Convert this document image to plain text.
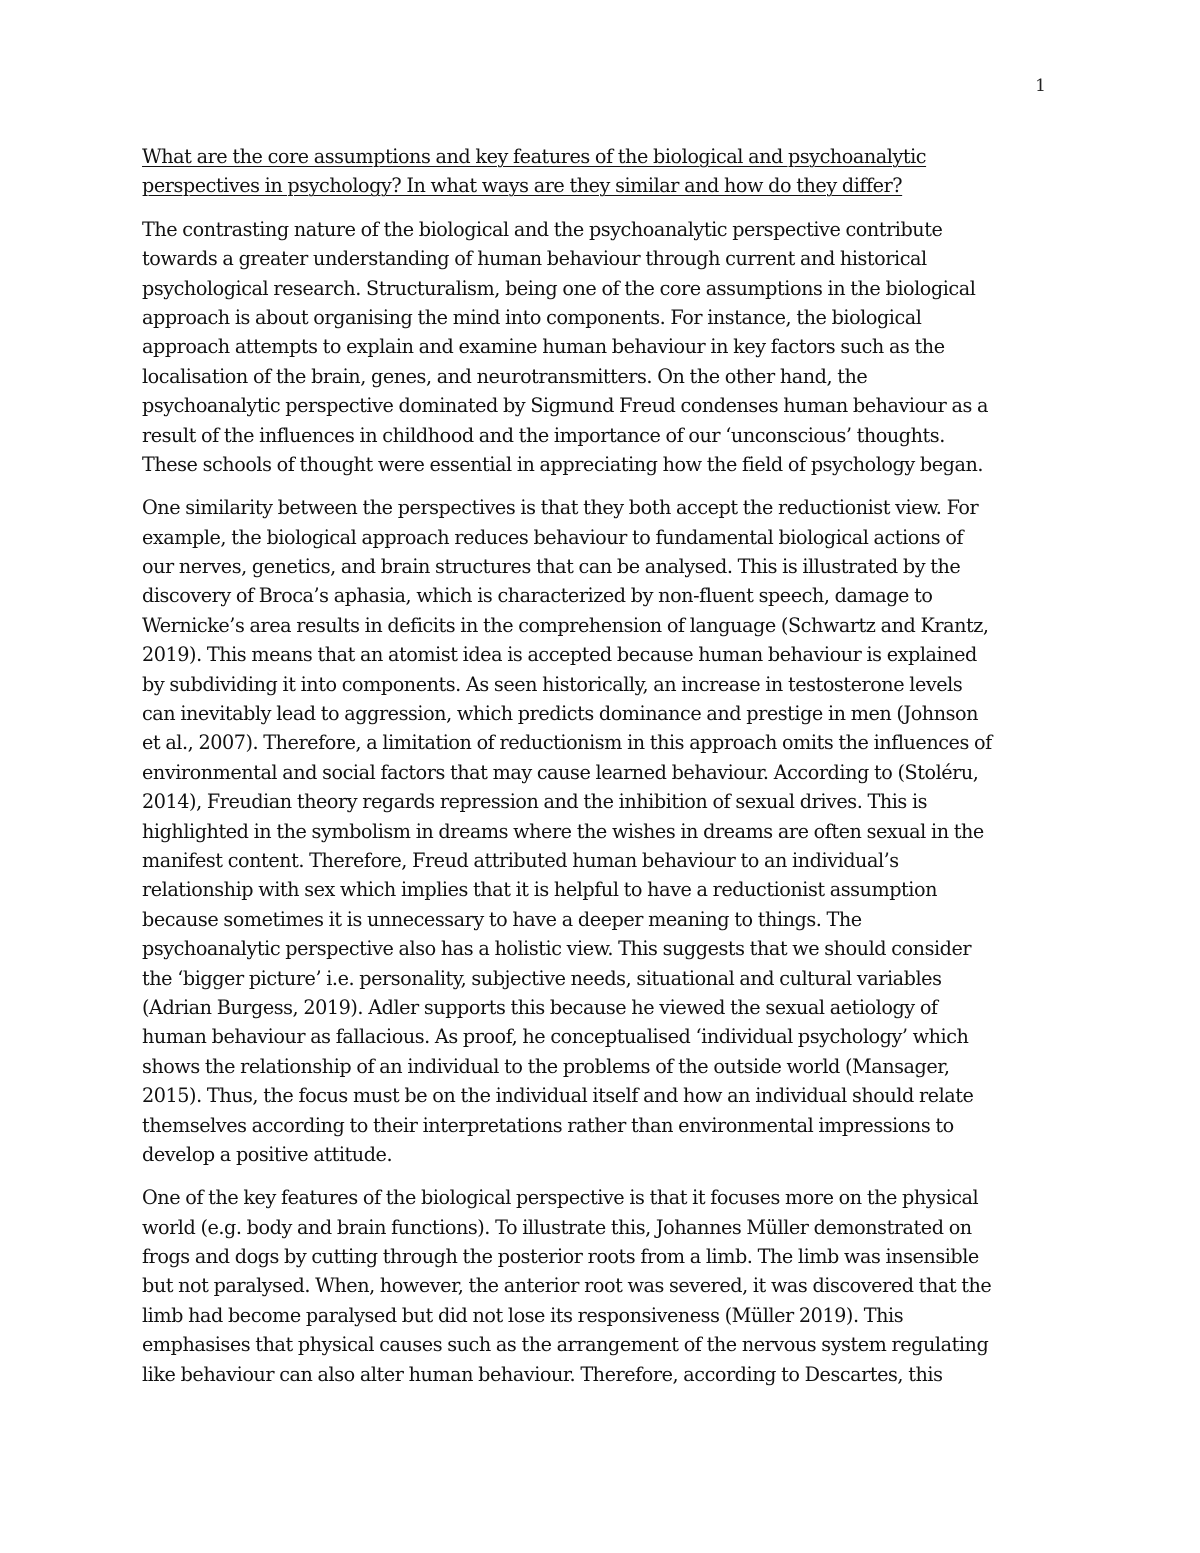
1
What are the core assumptions and key features of the biological and psychoanalytic
perspectives in psychology? In what ways are they similar and how do they differ?
The contrasting nature of the biological and the psychoanalytic perspective contribute
towards a greater understanding of human behaviour through current and historical
psychological research. Structuralism, being one of the core assumptions in the biological
approach is about organising the mind into components. For instance, the biological
approach attempts to explain and examine human behaviour in key factors such as the
localisation of the brain, genes, and neurotransmitters. On the other hand, the
psychoanalytic perspective dominated by Sigmund Freud condenses human behaviour as a
result of the influences in childhood and the importance of our ‘unconscious’ thoughts.
These schools of thought were essential in appreciating how the field of psychology began.
One similarity between the perspectives is that they both accept the reductionist view. For
example, the biological approach reduces behaviour to fundamental biological actions of
our nerves, genetics, and brain structures that can be analysed. This is illustrated by the
discovery of Broca’s aphasia, which is characterized by non-fluent speech, damage to
Wernicke’s area results in deficits in the comprehension of language (Schwartz and Krantz,
2019). This means that an atomist idea is accepted because human behaviour is explained
by subdividing it into components. As seen historically, an increase in testosterone levels
can inevitably lead to aggression, which predicts dominance and prestige in men (Johnson
et al., 2007). Therefore, a limitation of reductionism in this approach omits the influences of
environmental and social factors that may cause learned behaviour. According to (Stoléru,
2014), Freudian theory regards repression and the inhibition of sexual drives. This is
highlighted in the symbolism in dreams where the wishes in dreams are often sexual in the
manifest content. Therefore, Freud attributed human behaviour to an individual’s
relationship with sex which implies that it is helpful to have a reductionist assumption
because sometimes it is unnecessary to have a deeper meaning to things. The
psychoanalytic perspective also has a holistic view. This suggests that we should consider
the ‘bigger picture’ i.e. personality, subjective needs, situational and cultural variables
(Adrian Burgess, 2019). Adler supports this because he viewed the sexual aetiology of
human behaviour as fallacious. As proof, he conceptualised ‘individual psychology’ which
shows the relationship of an individual to the problems of the outside world (Mansager,
2015). Thus, the focus must be on the individual itself and how an individual should relate
themselves according to their interpretations rather than environmental impressions to
develop a positive attitude.
One of the key features of the biological perspective is that it focuses more on the physical
world (e.g. body and brain functions). To illustrate this, Johannes Müller demonstrated on
frogs and dogs by cutting through the posterior roots from a limb. The limb was insensible
but not paralysed. When, however, the anterior root was severed, it was discovered that the
limb had become paralysed but did not lose its responsiveness (Müller 2019). This
emphasises that physical causes such as the arrangement of the nervous system regulating
like behaviour can also alter human behaviour. Therefore, according to Descartes, this
